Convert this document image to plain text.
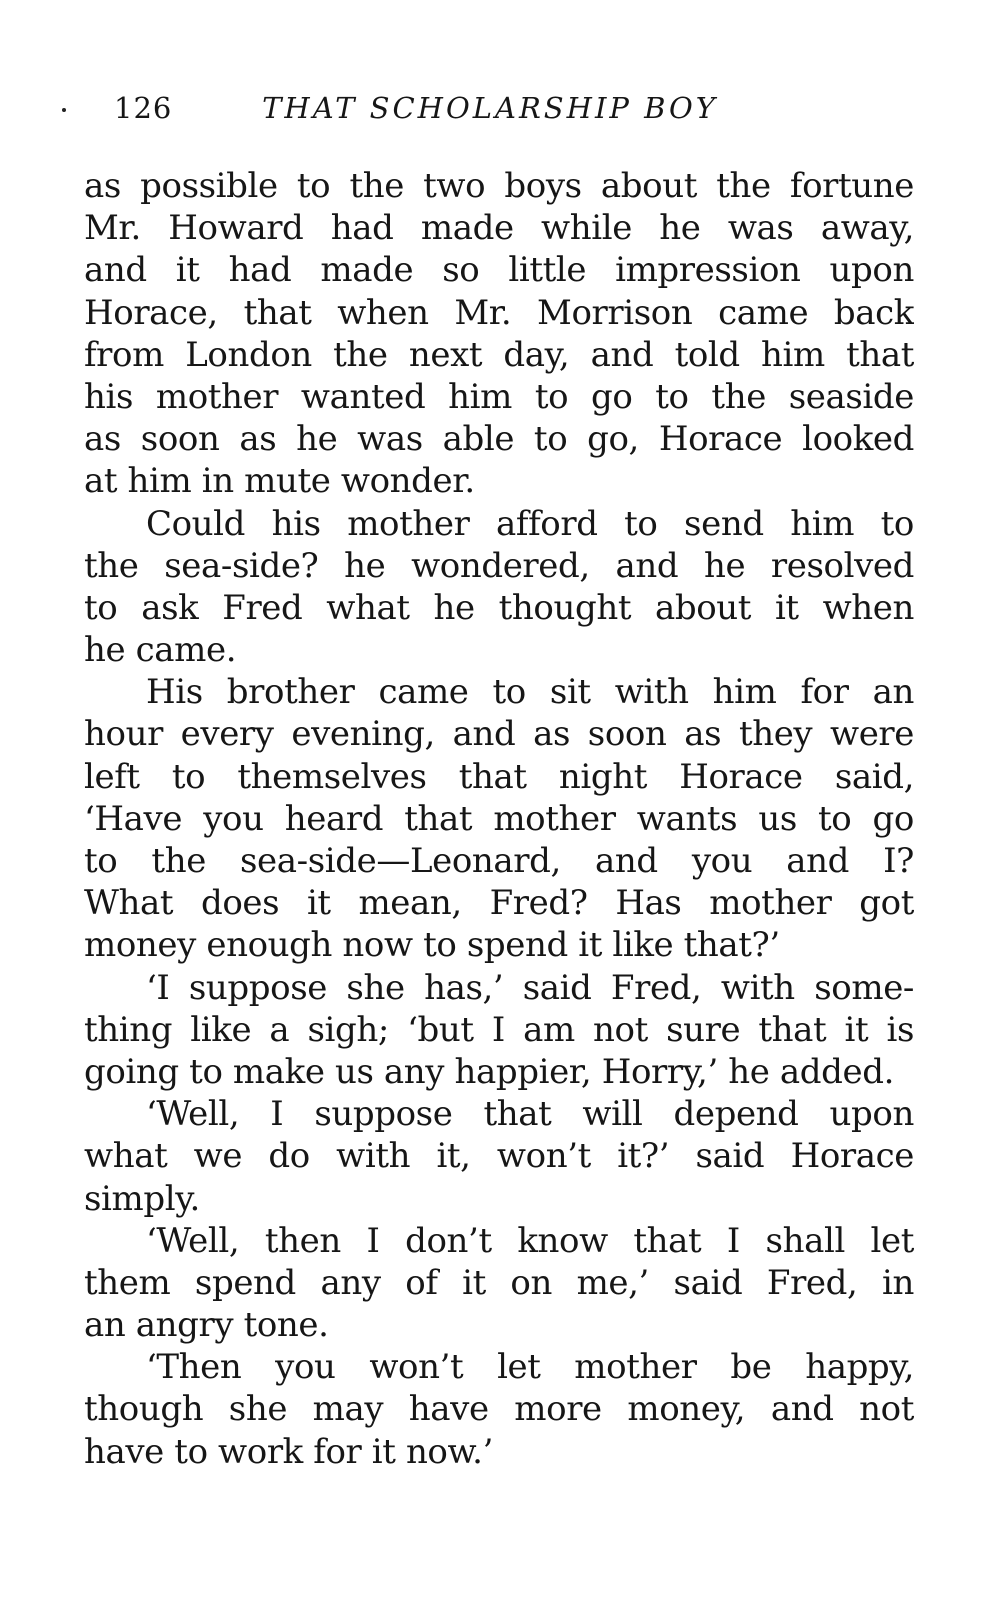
126	THAT SCHOLARSHIP BOY
as possible to the two boys about the fortune
Mr. Howard had made while he was away,
and it had made so little impression upon
Horace, that when Mr. Morrison came back
from London the next day, and told him that
his mother wanted him to go to the seaside
as soon as he was able to go, Horace looked
at him in mute wonder.
Could his mother afford to send him to
the sea-side? he wondered, and he resolved
to ask Fred what he thought about it when
he came.
His brother came to sit with him for an
hour every evening, and as soon as they were
left to themselves that night Horace said,
‘Have you heard that mother wants us to go
to the sea-side—Leonard, and you and I?
What does it mean, Fred? Has mother got
money enough now to spend it like that?’
‘I suppose she has,’ said Fred, with some-
thing like a sigh; ‘but I am not sure that it is
going to make us any happier, Horry,’ he added.
‘Well, I suppose that will depend upon
what we do with it, won’t it?’ said Horace
simply.
‘Well, then I don’t know that I shall let
them spend any of it on me,’ said Fred, in
an angry tone.
‘Then you won’t let mother be happy,
though she may have more money, and not
have to work for it now.’
